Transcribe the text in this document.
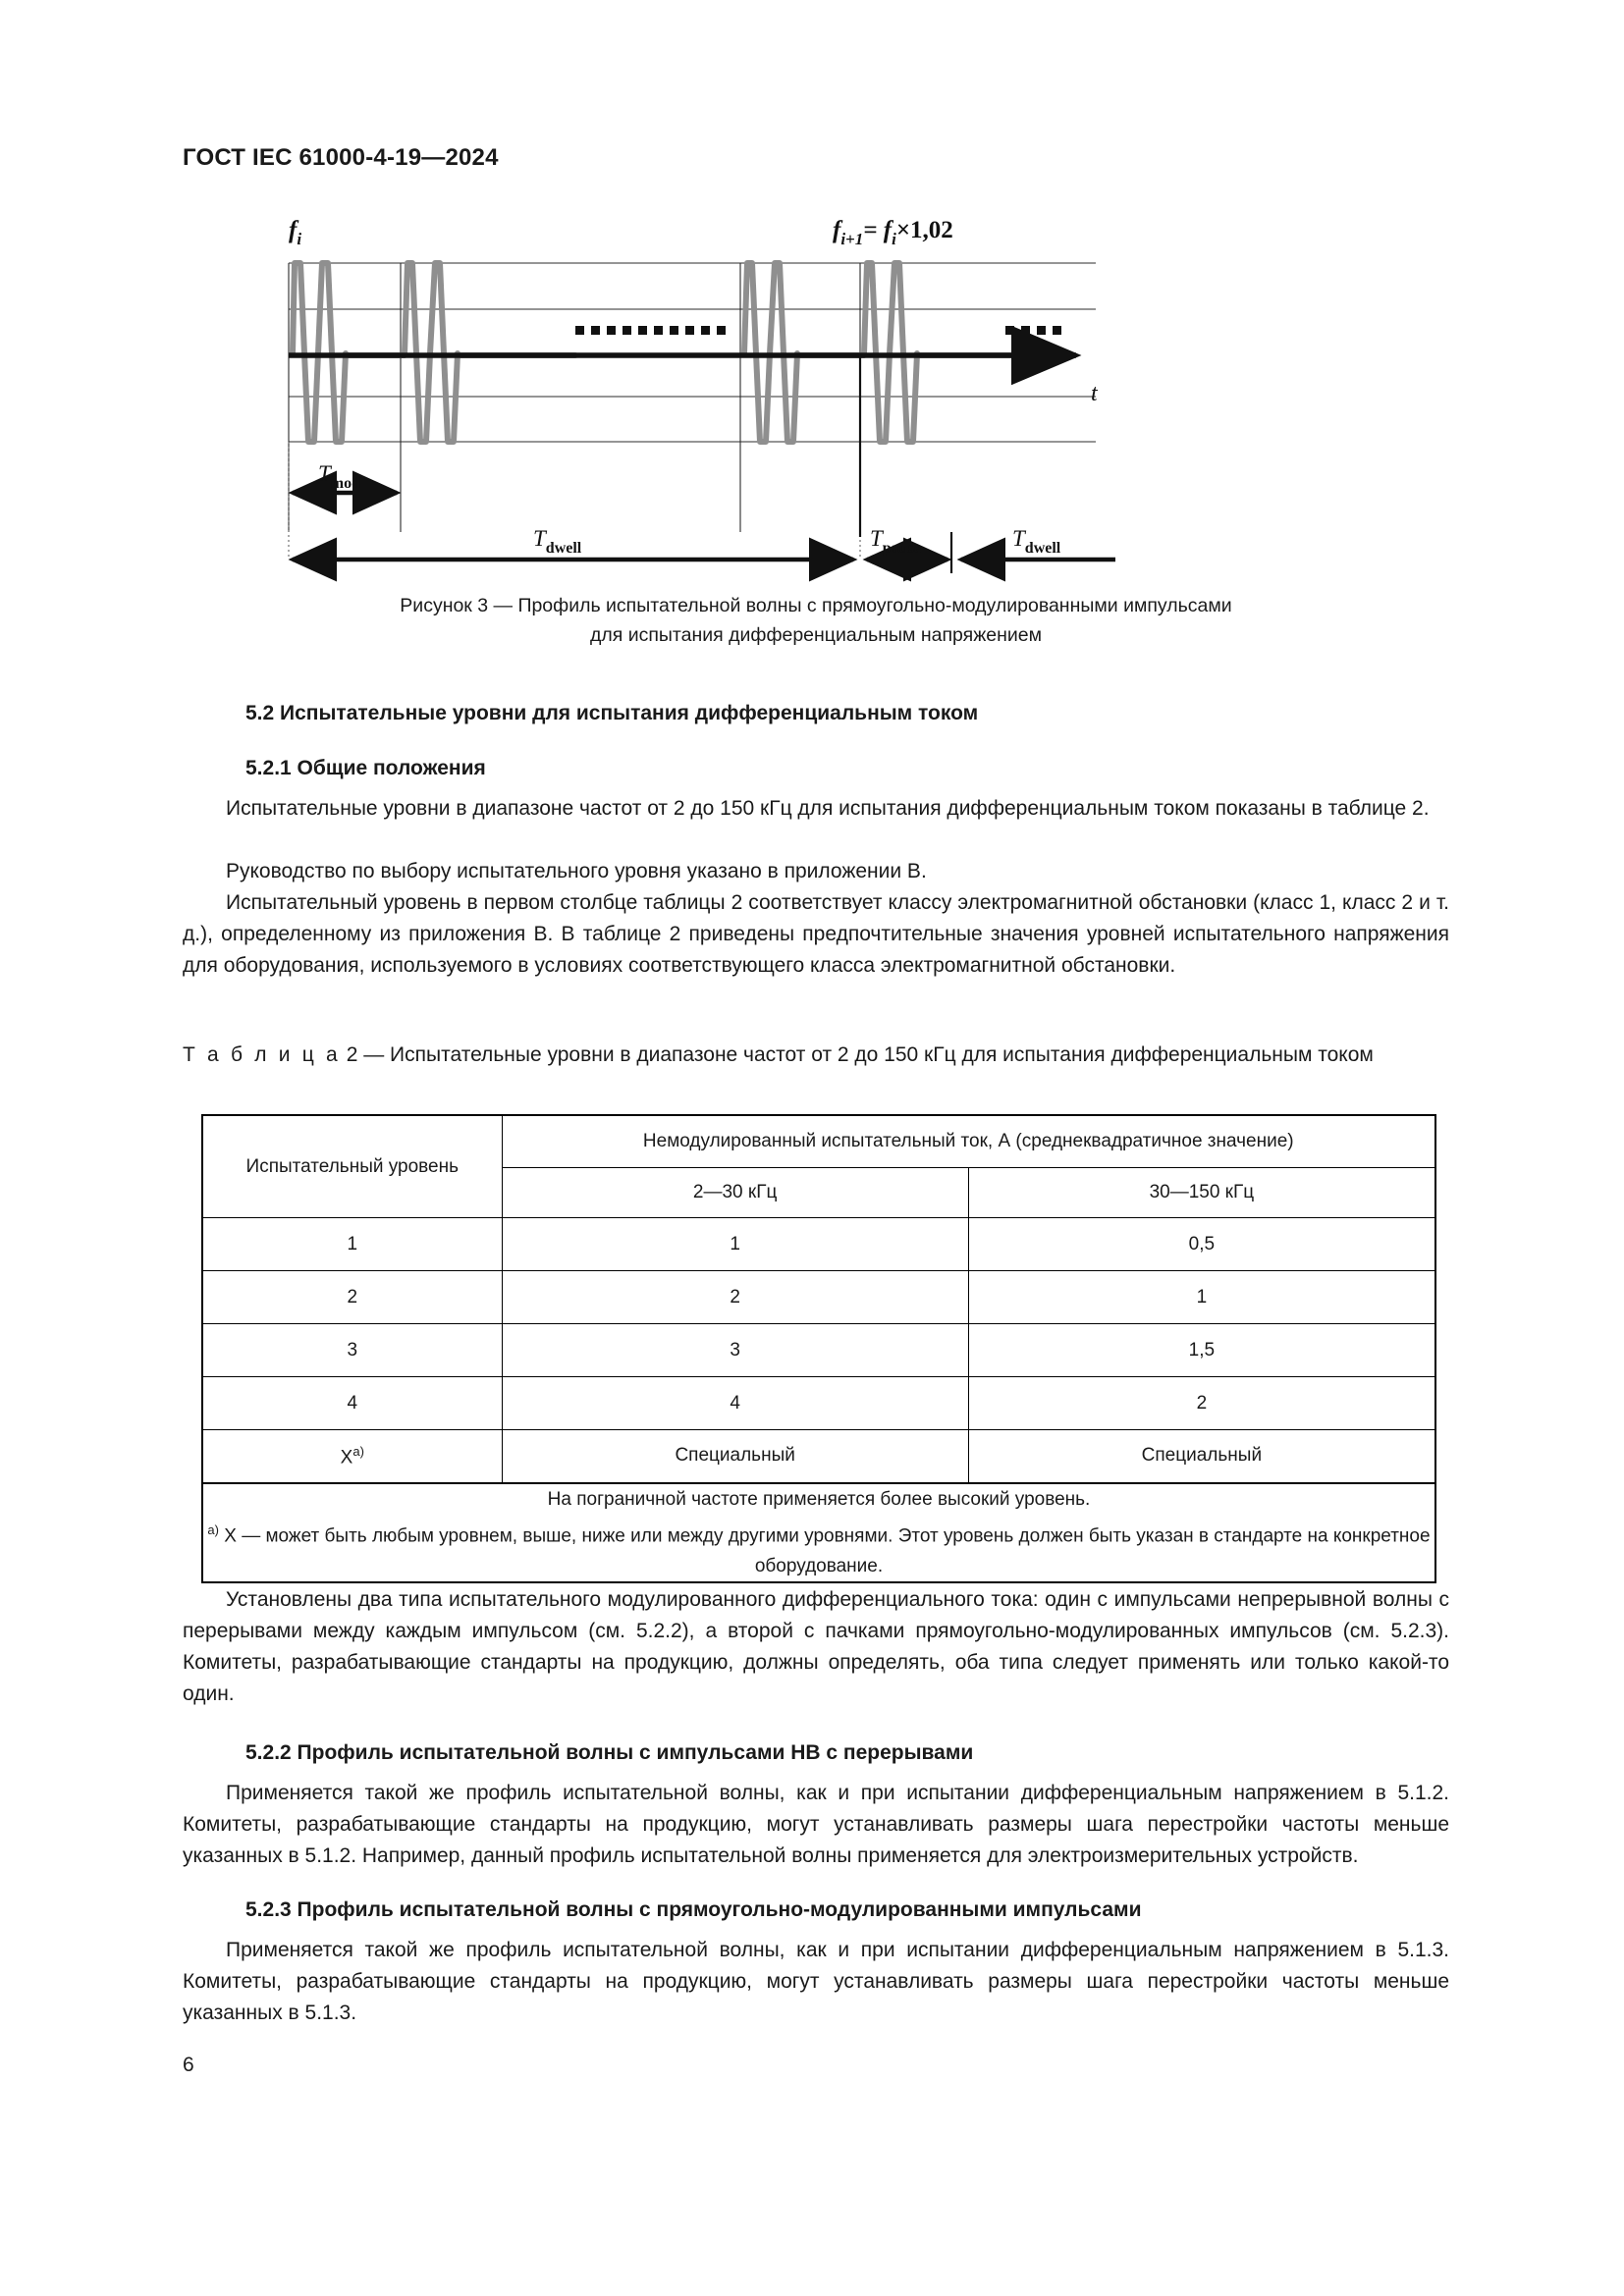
ГОСТ IEC 61000-4-19—2024
$f_i$	$f_{i+1}= f_i\times 1,02$
t
$T_{mod}$
$T_{dwell}$	$T_{pause}$	$T_{dwell}$
Рисунок 3 — Профиль испытательной волны с прямоугольно-модулированными импульсами
для испытания дифференциальным напряжением
5.2 Испытательные уровни для испытания дифференциальным током
5.2.1 Общие положения

Испытательные уровни в диапазоне частот от 2 до 150 кГц для испытания дифференциальным током показаны в таблице 2.

Руководство по выбору испытательного уровня указано в приложении В.

Испытательный уровень в первом столбце таблицы 2 соответствует классу электромагнитной обстановки (класс 1, класс 2 и т. д.), определенному из приложения В. В таблице 2 приведены предпочтительные значения уровней испытательного напряжения для оборудования, используемого в условиях соответствующего класса электромагнитной обстановки.

Т а б л и ц а 2 — Испытательные уровни в диапазоне частот от 2 до 150 кГц для испытания дифференциальным током
Испытательный уровень	Немодулированный испытательный ток, А (среднеквадратичное значение)	
	2—30 кГц	30—150 кГц
1	1	0,5
2	2	1
3	3	1,5
4	4	2
$X^{а)}$	Специальный	Специальный

На пограничной частоте применяется более высокий уровень.

$^{а)}$ X — может быть любым уровнем, выше, ниже или между другими уровнями. Этот уровень должен быть указан в стандарте на конкретное оборудование.		

Установлены два типа испытательного модулированного дифференциального тока: один с импульсами непрерывной волны с перерывами между каждым импульсом (см. 5.2.2), а второй с пачками прямоугольно-модулированных импульсов (см. 5.2.3). Комитеты, разрабатывающие стандарты на продукцию, должны определять, оба типа следует применять или только какой-то один.

5.2.2 Профиль испытательной волны с импульсами НВ с перерывами

Применяется такой же профиль испытательной волны, как и при испытании дифференциальным напряжением в 5.1.2. Комитеты, разрабатывающие стандарты на продукцию, могут устанавливать размеры шага перестройки частоты меньше указанных в 5.1.2. Например, данный профиль испытательной волны применяется для электроизмерительных устройств.

5.2.3 Профиль испытательной волны с прямоугольно-модулированными импульсами

Применяется такой же профиль испытательной волны, как и при испытании дифференциальным напряжением в 5.1.3. Комитеты, разрабатывающие стандарты на продукцию, могут устанавливать размеры шага перестройки частоты меньше указанных в 5.1.3.

6
